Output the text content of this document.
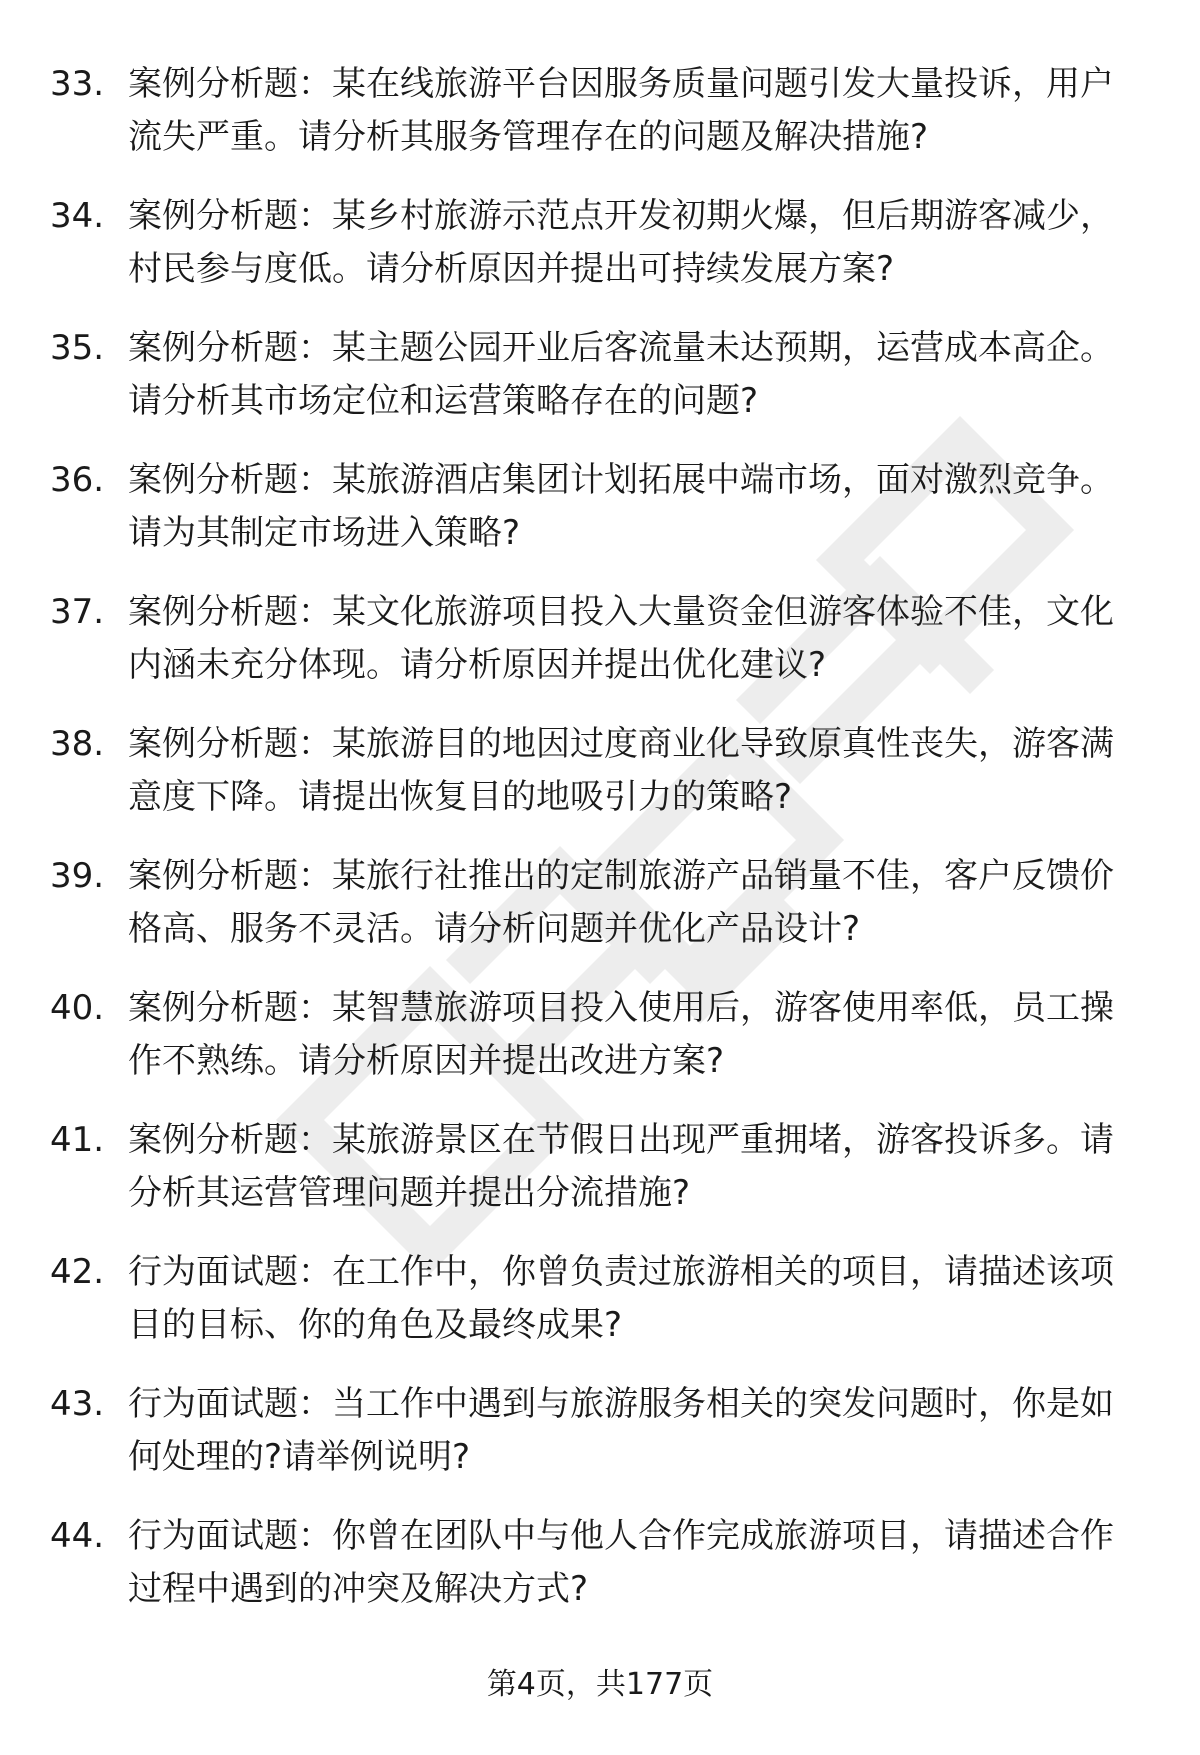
33. 案例分析题：某在线旅游平台因服务质量问题引发大量投诉，用户流失严重。请分析其服务管理存在的问题及解决措施?
34. 案例分析题：某乡村旅游示范点开发初期火爆，但后期游客减少，村民参与度低。请分析原因并提出可持续发展方案?
35. 案例分析题：某主题公园开业后客流量未达预期，运营成本高企。请分析其市场定位和运营策略存在的问题?
36. 案例分析题：某旅游酒店集团计划拓展中端市场，面对激烈竞争。请为其制定市场进入策略?
37. 案例分析题：某文化旅游项目投入大量资金但游客体验不佳，文化内涵未充分体现。请分析原因并提出优化建议?
38. 案例分析题：某旅游目的地因过度商业化导致原真性丧失，游客满意度下降。请提出恢复目的地吸引力的策略?
39. 案例分析题：某旅行社推出的定制旅游产品销量不佳，客户反馈价格高、服务不灵活。请分析问题并优化产品设计?
40. 案例分析题：某智慧旅游项目投入使用后，游客使用率低，员工操作不熟练。请分析原因并提出改进方案?
41. 案例分析题：某旅游景区在节假日出现严重拥堵，游客投诉多。请分析其运营管理问题并提出分流措施?
42. 行为面试题：在工作中，你曾负责过旅游相关的项目，请描述该项目的目标、你的角色及最终成果?
43. 行为面试题：当工作中遇到与旅游服务相关的突发问题时，你是如何处理的?请举例说明?
44. 行为面试题：你曾在团队中与他人合作完成旅游项目，请描述合作过程中遇到的冲突及解决方式?
第4页，共177页
